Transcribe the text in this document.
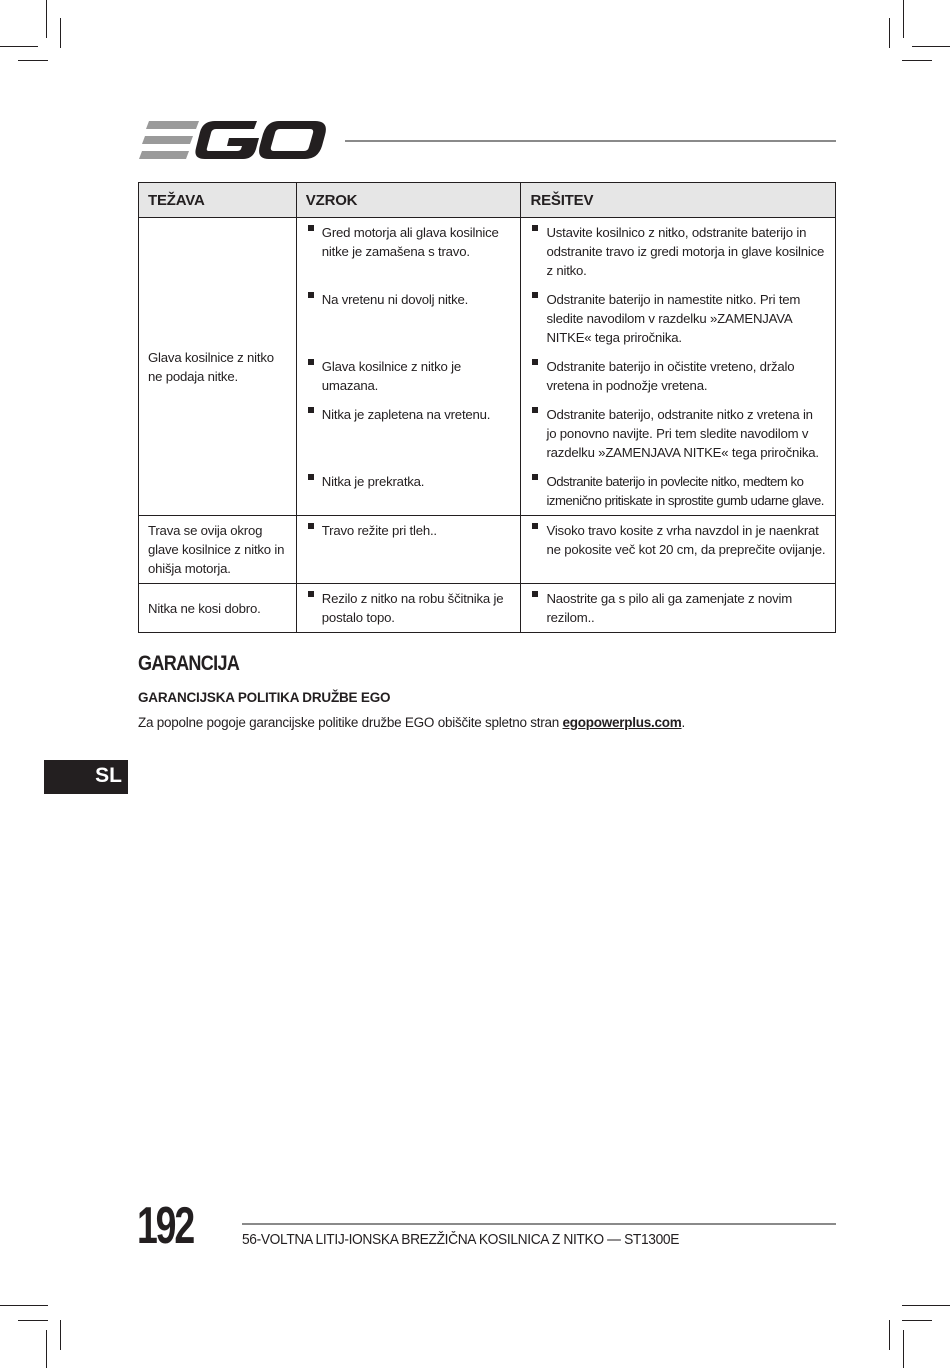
TEŽAVA	VZROK	REŠITEV

Glava kosilnice z nitko ne podaja nitke.	Gred motorja ali glava kosilnice nitke je zamašena s travo.	Ustavite kosilnico z nitko, odstranite baterijo in odstranite travo iz gredi motorja in glave kosilnice z nitko.

	Na vretenu ni dovolj nitke.	Odstranite baterijo in namestite nitko. Pri tem sledite navodilom v razdelku »ZAMENJAVA NITKE« tega priročnika.

	Glava kosilnice z nitko je umazana.	Odstranite baterijo in očistite vreteno, držalo vretena in podnožje vretena.

	Nitka je zapletena na vretenu.	Odstranite baterijo, odstranite nitko z vretena in jo ponovno navijte. Pri tem sledite navodilom v razdelku »ZAMENJAVA NITKE« tega priročnika.

	Nitka je prekratka.	Odstranite baterijo in povlecite nitko, medtem ko izmenično pritiskate in sprostite gumb udarne glave.

Trava se ovija okrog glave kosilnice z nitko in ohišja motorja.	Travo režite pri tleh..	Visoko travo kosite z vrha navzdol in je naenkrat ne pokosite več kot 20 cm, da preprečite ovijanje.

Nitka ne kosi dobro.	Rezilo z nitko na robu ščitnika je postalo topo.	Naostrite ga s pilo ali ga zamenjate z novim rezilom..
GARANCIJA
GARANCIJSKA POLITIKA DRUŽBE EGO
Za popolne pogoje garancijske politike družbe EGO obiščite spletno stran egopowerplus.com.
SL
192	56-VOLTNA LITIJ-IONSKA BREZŽIČNA KOSILNICA Z NITKO — ST1300E
